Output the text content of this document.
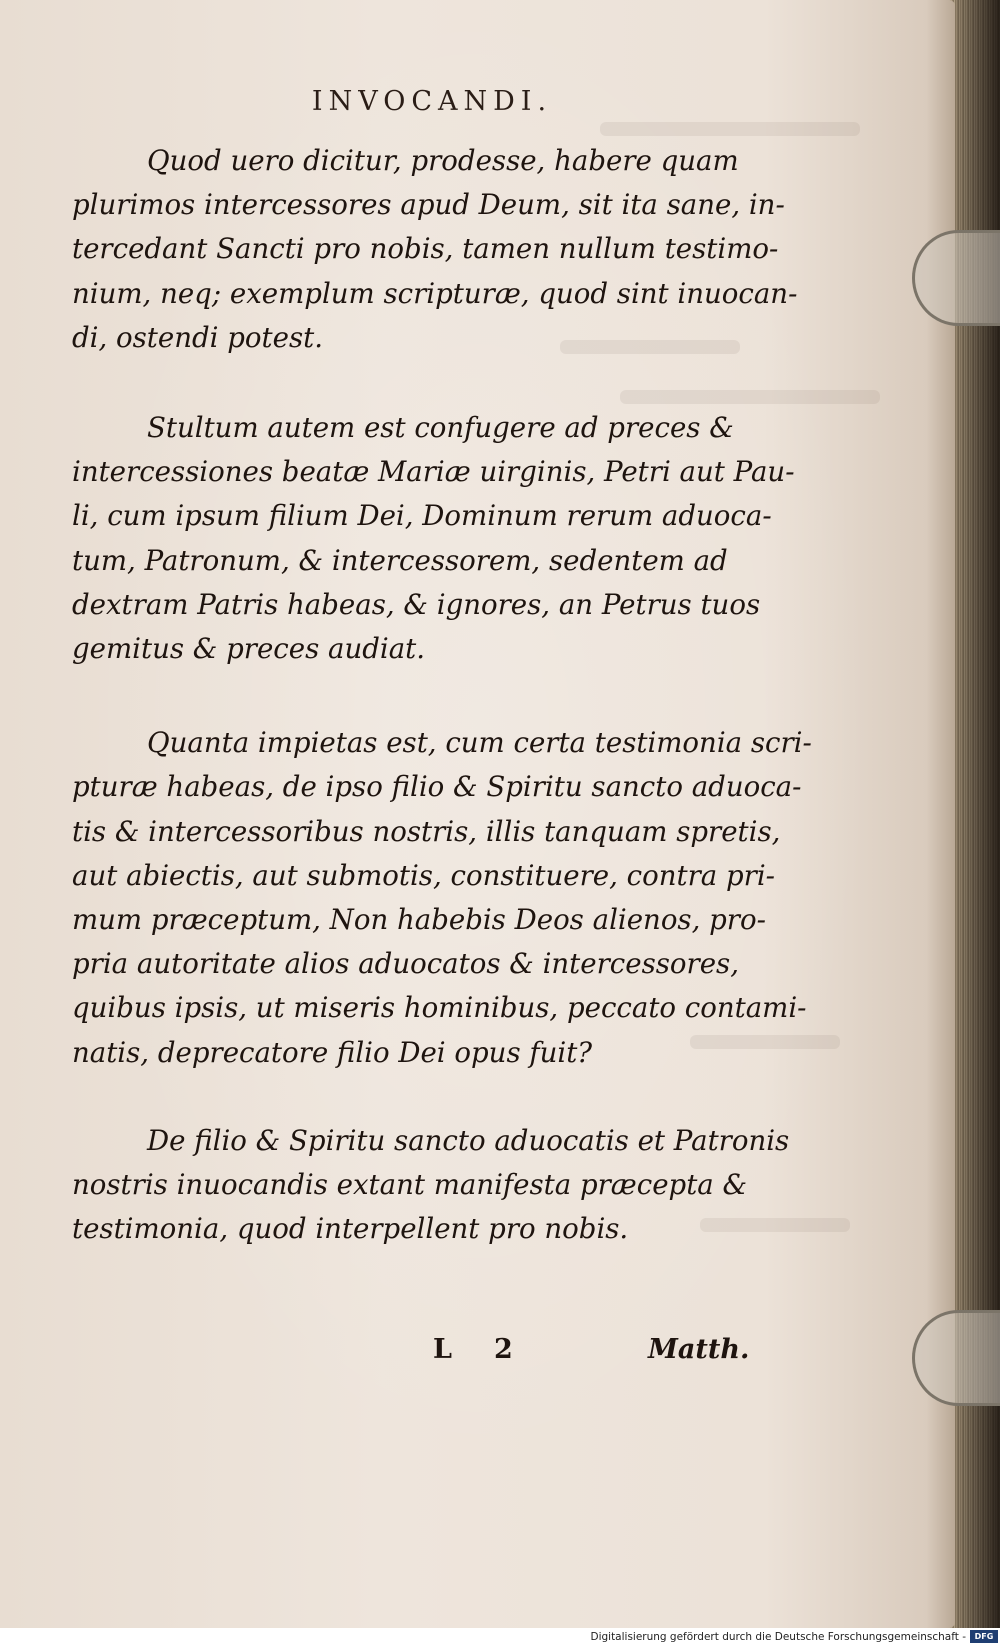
INVOCANDI.

Quod uero dicitur, prodesse, habere quam
plurimos intercessores apud Deum, sit ita sane, in-
tercedant Sancti pro nobis, tamen nullum testimo-
nium, neq; exemplum scripturæ, quod sint inuocan-
di, ostendi potest.

Stultum autem est confugere ad preces &
intercessiones beatæ Mariæ uirginis, Petri aut Pau-
li, cum ipsum filium Dei, Dominum rerum aduoca-
tum, Patronum, & intercessorem, sedentem ad
dextram Patris habeas, & ignores, an Petrus tuos
gemitus & preces audiat.

Quanta impietas est, cum certa testimonia scri-
pturæ habeas, de ipso filio & Spiritu sancto aduoca-
tis & intercessoribus nostris, illis tanquam spretis,
aut abiectis, aut submotis, constituere, contra pri-
mum præceptum, Non habebis Deos alienos, pro-
pria autoritate alios aduocatos & intercessores,
quibus ipsis, ut miseris hominibus, peccato contami-
natis, deprecatore filio Dei opus fuit?

De filio & Spiritu sancto aduocatis et Patronis
nostris inuocandis extant manifesta præcepta &
testimonia, quod interpellent pro nobis.

L 2	Matth.
Digitalisierung gefördert durch die Deutsche Forschungsgemeinschaft -	DFG
